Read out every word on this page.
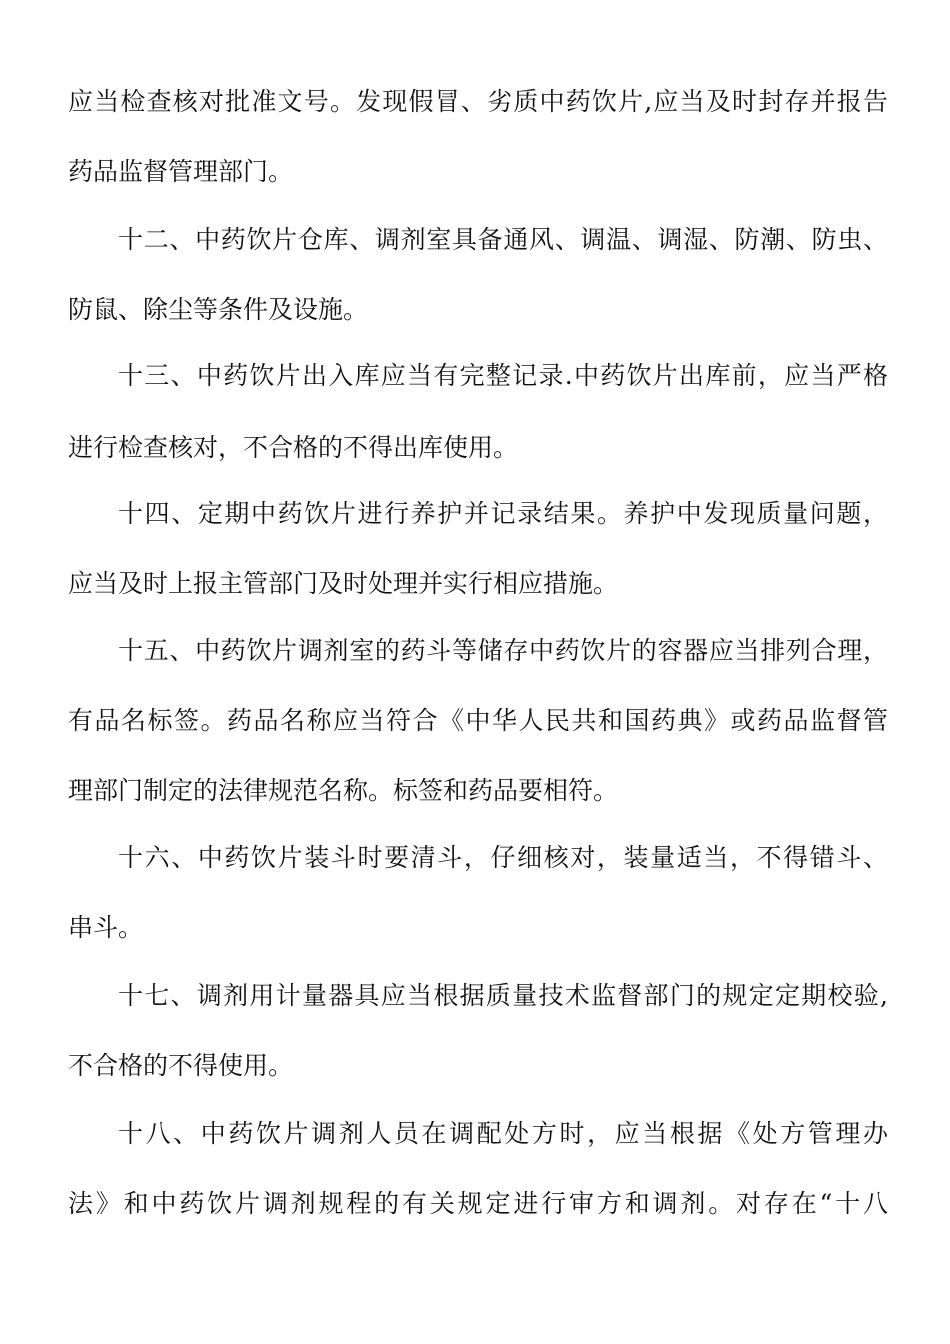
应当检查核对批准文号。发现假冒、劣质中药饮片,应当及时封存并报告
药品监督管理部门。
十二、中药饮片仓库、调剂室具备通风、调温、调湿、防潮、防虫、
防鼠、除尘等条件及设施。
十三、中药饮片出入库应当有完整记录.中药饮片出库前，应当严格
进行检查核对，不合格的不得出库使用。
十四、定期中药饮片进行养护并记录结果。养护中发现质量问题，
应当及时上报主管部门及时处理并实行相应措施。
十五、中药饮片调剂室的药斗等储存中药饮片的容器应当排列合理，
有品名标签。药品名称应当符合《中华人民共和国药典》或药品监督管
理部门制定的法律规范名称。标签和药品要相符。
十六、中药饮片装斗时要清斗，仔细核对，装量适当，不得错斗、
串斗。
十七、调剂用计量器具应当根据质量技术监督部门的规定定期校验,
不合格的不得使用。
十八、中药饮片调剂人员在调配处方时，应当根据《处方管理办
法》和中药饮片调剂规程的有关规定进行审方和调剂。对存在“十八
